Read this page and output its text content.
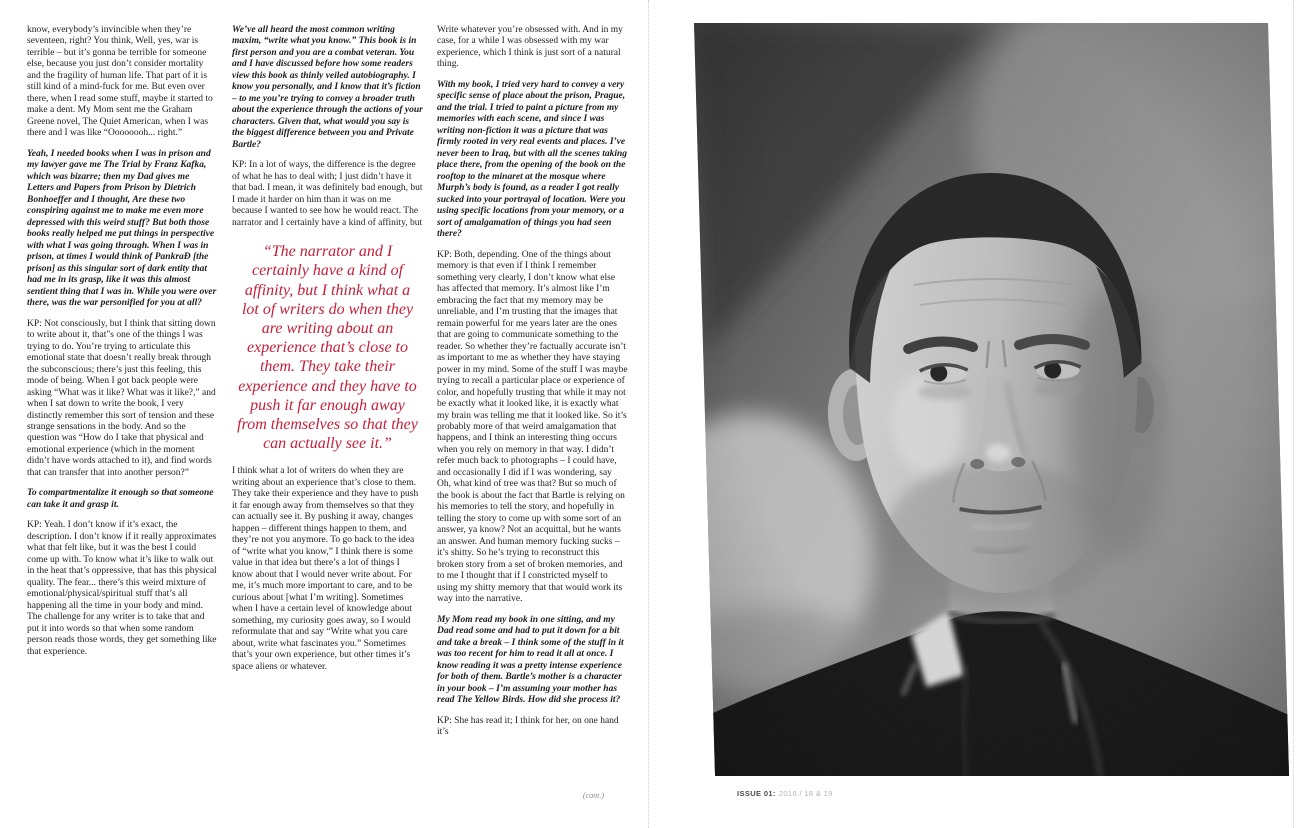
know, everybody’s invincible when they’re seventeen, right? You think, Well, yes, war is terrible – but it’s gonna be terrible for someone else, because you just don’t consider mortality and the fragility of human life. That part of it is still kind of a mind-fuck for me. But even over there, when I read some stuff, maybe it started to make a dent. My Mom sent me the Graham Greene novel, The Quiet American, when I was there and I was like “Oooooooh... right.”

Yeah, I needed books when I was in prison and my lawyer gave me The Trial by Franz Kafka, which was bizarre; then my Dad gives me Letters and Papers from Prison by Dietrich Bonhoeffer and I thought, Are these two conspiring against me to make me even more depressed with this weird stuff? But both those books really helped me put things in perspective with what I was going through. When I was in prison, at times I would think of PankraÐ [the prison] as this singular sort of dark entity that had me in its grasp, like it was this almost sentient thing that I was in. While you were over there, was the war personified for you at all?

KP: Not consciously, but I think that sitting down to write about it, that"s one of the things I was trying to do. You’re trying to articulate this emotional state that doesn’t really break through the subconscious; there’s just this feeling, this mode of being. When I got back people were asking “What was it like? What was it like?,” and when I sat down to write the book, I very distinctly remember this sort of tension and these strange sensations in the body. And so the question was “How do I take that physical and emotional experience (which in the moment didn’t have words attached to it), and find words that can transfer that into another person?”

To compartmentalize it enough so that someone can take it and grasp it.

KP: Yeah. I don’t know if it’s exact, the description. I don’t know if it really approximates what that felt like, but it was the best I could come up with. To know what it’s like to walk out in the heat that’s oppressive, that has this physical quality. The fear... there’s this weird mixture of emotional/physical/spiritual stuff that’s all happening all the time in your body and mind. The challenge for any writer is to take that and put it into words so that when some random person reads those words, they get something like that experience.

We’ve all heard the most common writing maxim, “write what you know.” This book is in first person and you are a combat veteran. You and I have discussed before how some readers view this book as thinly veiled autobiography. I know you personally, and I know that it’s fiction – to me you’re trying to convey a broader truth about the experience through the actions of your characters. Given that, what would you say is the biggest difference between you and Private Bartle?

KP: In a lot of ways, the difference is the degree of what he has to deal with; I just didn’t have it that bad. I mean, it was definitely bad enough, but I made it harder on him than it was on me because I wanted to see how he would react. The narrator and I certainly have a kind of affinity, but

“The narrator and I certainly have a kind of affinity, but I think what a lot of writers do when they are writing about an experience that’s close to them. They take their experience and they have to push it far enough away from themselves so that they can actually see it.”

I think what a lot of writers do when they are writing about an experience that’s close to them. They take their experience and they have to push it far enough away from themselves so that they can actually see it. By pushing it away, changes happen – different things happen to them, and they’re not you anymore. To go back to the idea of “write what you know,” I think there is some value in that idea but there’s a lot of things I know about that I would never write about. For me, it’s much more important to care, and to be curious about [what I’m writing]. Sometimes when I have a certain level of knowledge about something, my curiosity goes away, so I would reformulate that and say “Write what you care about, write what fascinates you.” Sometimes that’s your own experience, but other times it’s space aliens or whatever.

Write whatever you’re obsessed with. And in my case, for a while I was obsessed with my war experience, which I think is just sort of a natural thing.

With my book, I tried very hard to convey a very specific sense of place about the prison, Prague, and the trial. I tried to paint a picture from my memories with each scene, and since I was writing non-fiction it was a picture that was firmly rooted in very real events and places. I’ve never been to Iraq, but with all the scenes taking place there, from the opening of the book on the rooftop to the minaret at the mosque where Murph’s body is found, as a reader I got really sucked into your portrayal of location. Were you using specific locations from your memory, or a sort of amalgamation of things you had seen there?

KP: Both, depending. One of the things about memory is that even if I think I remember something very clearly, I don’t know what else has affected that memory. It’s almost like I’m embracing the fact that my memory may be unreliable, and I’m trusting that the images that remain powerful for me years later are the ones that are going to communicate something to the reader. So whether they’re factually accurate isn’t as important to me as whether they have staying power in my mind. Some of the stuff I was maybe trying to recall a particular place or experience of color, and hopefully trusting that while it may not be exactly what it looked like, it is exactly what my brain was telling me that it looked like. So it’s probably more of that weird amalgamation that happens, and I think an interesting thing occurs when you rely on memory in that way. I didn’t refer much back to photographs – I could have, and occasionally I did if I was wondering, say Oh, what kind of tree was that? But so much of the book is about the fact that Bartle is relying on his memories to tell the story, and hopefully in telling the story to come up with some sort of an answer, ya know? Not an acquittal, but he wants an answer. And human memory fucking sucks – it’s shitty. So he’s trying to reconstruct this broken story from a set of broken memories, and to me I thought that if I constricted myself to using my shitty memory that that would work its way into the narrative.

My Mom read my book in one sitting, and my Dad read some and had to put it down for a bit and take a break – I think some of the stuff in it was too recent for him to read it all at once. I know reading it was a pretty intense experience for both of them. Bartle’s mother is a character in your book – I’m assuming your mother has read The Yellow Birds. How did she process it?

KP: She has read it; I think for her, on one hand it’s

(cont.)	ISSUE 01: 2016 / 18 & 19
